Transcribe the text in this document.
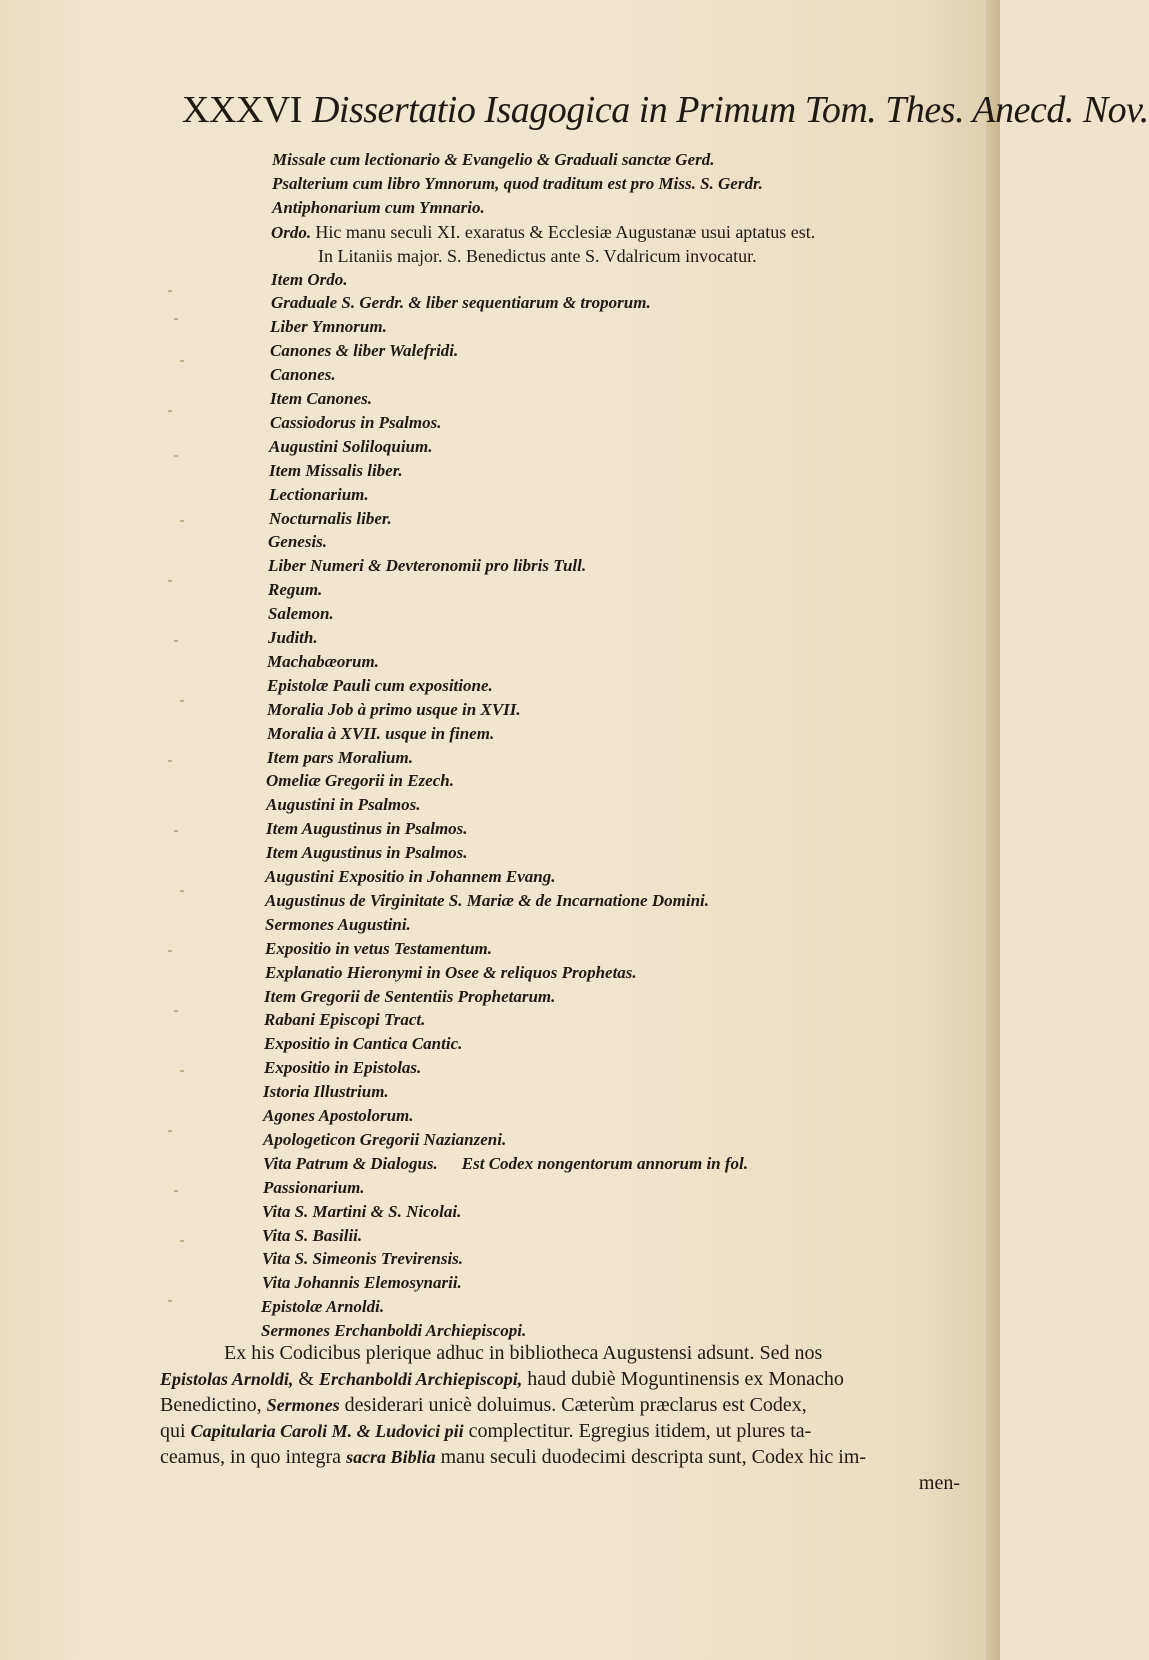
XXXVI Dissertatio Isagogica in Primum Tom. Thes. Anecd. Nov.
Missale cum lectionario & Evangelio & Graduali sanctæ Gerd.
Psalterium cum libro Ymnorum, quod traditum est pro Miss. S. Gerdr.
Antiphonarium cum Ymnario.
Ordo. Hic manu seculi XI. exaratus & Ecclesiæ Augustanæ usui aptatus est.
In Litaniis major. S. Benedictus ante S. Vdalricum invocatur.
Item Ordo.
Graduale S. Gerdr. & liber sequentiarum & troporum.
Liber Ymnorum.
Canones & liber Walefridi.
Canones.
Item Canones.
Cassiodorus in Psalmos.
Augustini Soliloquium.
Item Missalis liber.
Lectionarium.
Nocturnalis liber.
Genesis.
Liber Numeri & Devteronomii pro libris Tull.
Regum.
Salemon.
Judith.
Machabæorum.
Epistolæ Pauli cum expositione.
Moralia Job à primo usque in XVII.
Moralia à XVII. usque in finem.
Item pars Moralium.
Omeliæ Gregorii in Ezech.
Augustini in Psalmos.
Item Augustinus in Psalmos.
Item Augustinus in Psalmos.
Augustini Expositio in Johannem Evang.
Augustinus de Virginitate S. Mariæ & de Incarnatione Domini.
Sermones Augustini.
Expositio in vetus Testamentum.
Explanatio Hieronymi in Osee & reliquos Prophetas.
Item Gregorii de Sententiis Prophetarum.
Rabani Episcopi Tract.
Expositio in Cantica Cantic.
Expositio in Epistolas.
Istoria Illustrium.
Agones Apostolorum.
Apologeticon Gregorii Nazianzeni.
Vita Patrum & Dialogus. Est Codex nongentorum annorum in fol.
Passionarium.
Vita S. Martini & S. Nicolai.
Vita S. Basilii.
Vita S. Simeonis Trevirensis.
Vita Johannis Elemosynarii.
Epistolæ Arnoldi.
Sermones Erchanboldi Archiepiscopi.
Ex his Codicibus plerique adhuc in bibliotheca Augustensi adsunt. Sed nos
Epistolas Arnoldi, & Erchanboldi Archiepiscopi, haud dubiè Moguntinensis ex Monacho
Benedictino, Sermones desiderari unicè doluimus. Cæterùm præclarus est Codex,
qui Capitularia Caroli M. & Ludovici pii complectitur. Egregius itidem, ut plures ta-
ceamus, in quo integra sacra Biblia manu seculi duodecimi descripta sunt, Codex hic im-
men-
